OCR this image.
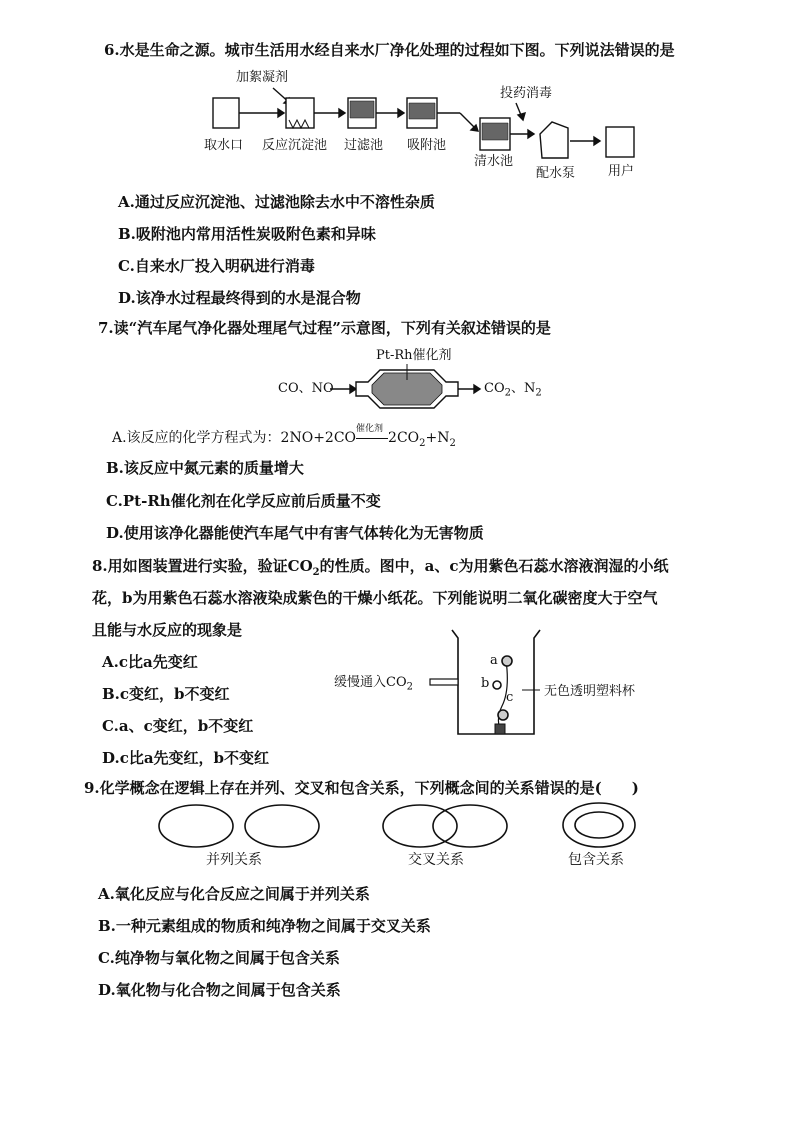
6.水是生命之源。城市生活用水经自来水厂净化处理的过程如下图。下列说法错误的是
加絮凝剂
投药消毒
取水口 反应沉淀池 过滤池 吸附池
清水池
配水泵	用户
A.通过反应沉淀池、过滤池除去水中不溶性杂质
B.吸附池内常用活性炭吸附色素和异味
C.自来水厂投入明矾进行消毒
D.该净水过程最终得到的水是混合物
7.读“汽车尾气净化器处理尾气过程”示意图，下列有关叙述错误的是
Pt-Rh催化剂
CO、NO	$CO_2$、$N_2$
A.该反应的化学方程式为：2NO+2CO
催化剂
$2CO_2+N_2$
B.该反应中氮元素的质量增大
C.Pt-Rh催化剂在化学反应前后质量不变
D.使用该净化器能使汽车尾气中有害气体转化为无害物质
8.用如图装置进行实验，验证$CO_2$的性质。图中，a、c为用紫色石蕊水溶液润湿的小纸
花，b为用紫色石蕊水溶液染成紫色的干燥小纸花。下列能说明二氧化碳密度大于空气
且能与水反应的现象是
A.c比a先变红
B.c变红，b不变红
C.a、c变红，b不变红
D.c比a先变红，b不变红
缓慢通入$CO_2$	无色透明塑料杯
a
b
c
9.化学概念在逻辑上存在并列、交叉和包含关系，下列概念间的关系错误的是(　　)
并列关系	交叉关系	包含关系
A.氧化反应与化合反应之间属于并列关系
B.一种元素组成的物质和纯净物之间属于交叉关系
C.纯净物与氧化物之间属于包含关系
D.氧化物与化合物之间属于包含关系
